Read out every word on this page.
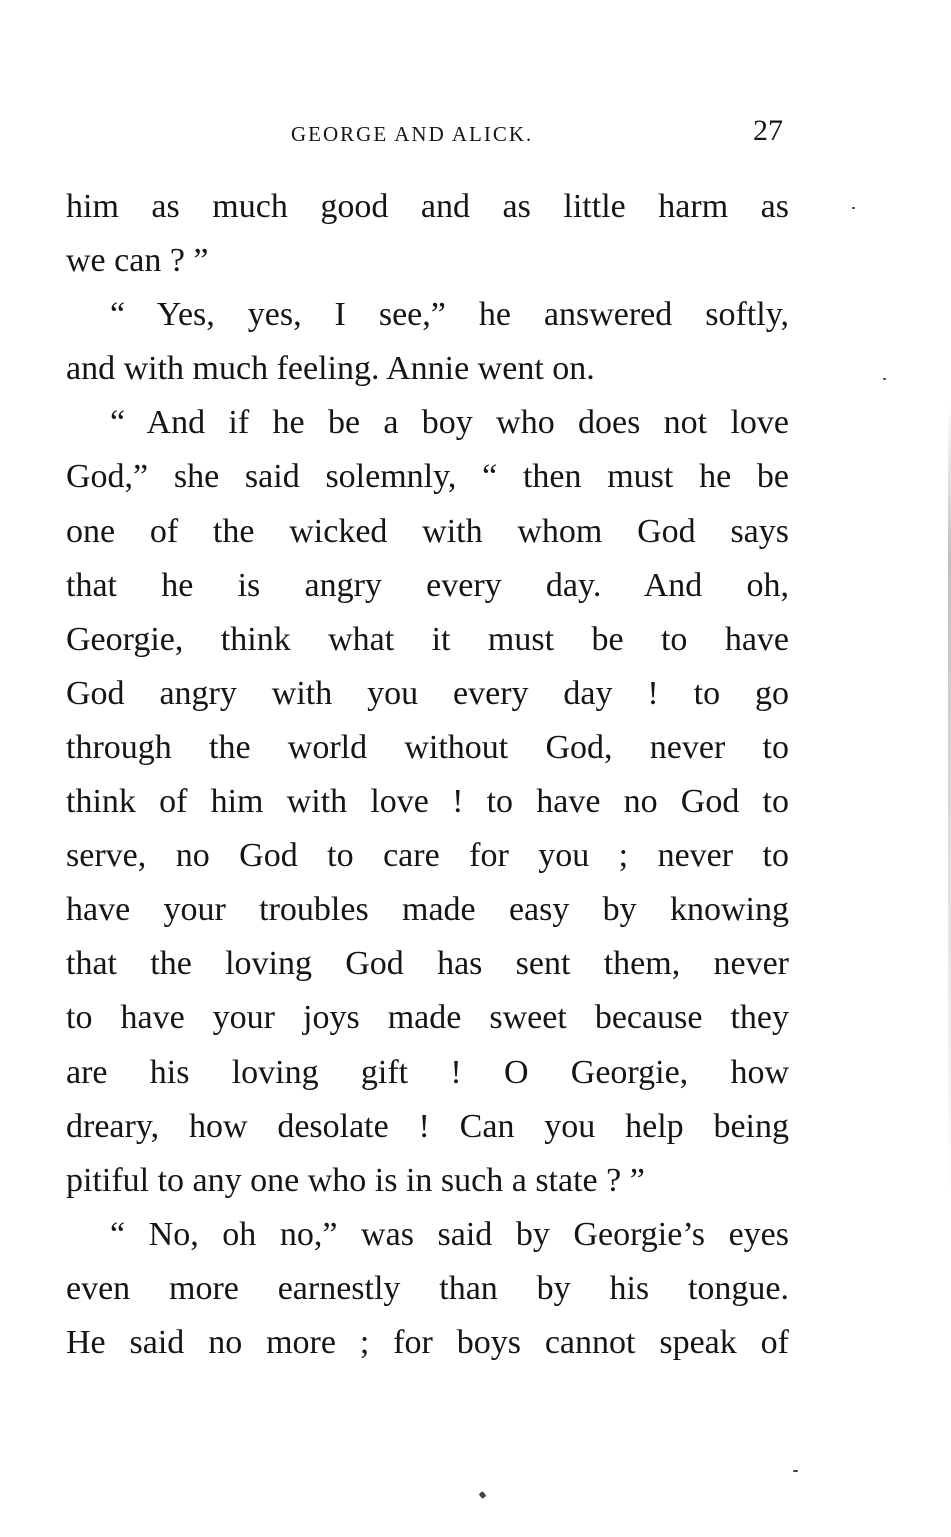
GEORGE AND ALICK.	27
him as much good and as little harm as
we can ? ”
“ Yes, yes, I see,” he answered softly,
and with much feeling. Annie went on.
“ And if he be a boy who does not love
God,” she said solemnly, “ then must he be
one of the wicked with whom God says
that he is angry every day. And oh,
Georgie, think what it must be to have
God angry with you every day ! to go
through the world without God, never to
think of him with love ! to have no God to
serve, no God to care for you ; never to
have your troubles made easy by knowing
that the loving God has sent them, never
to have your joys made sweet because they
are his loving gift ! O Georgie, how
dreary, how desolate ! Can you help being
pitiful to any one who is in such a state ? ”
“ No, oh no,” was said by Georgie’s eyes
even more earnestly than by his tongue.
He said no more ; for boys cannot speak of
